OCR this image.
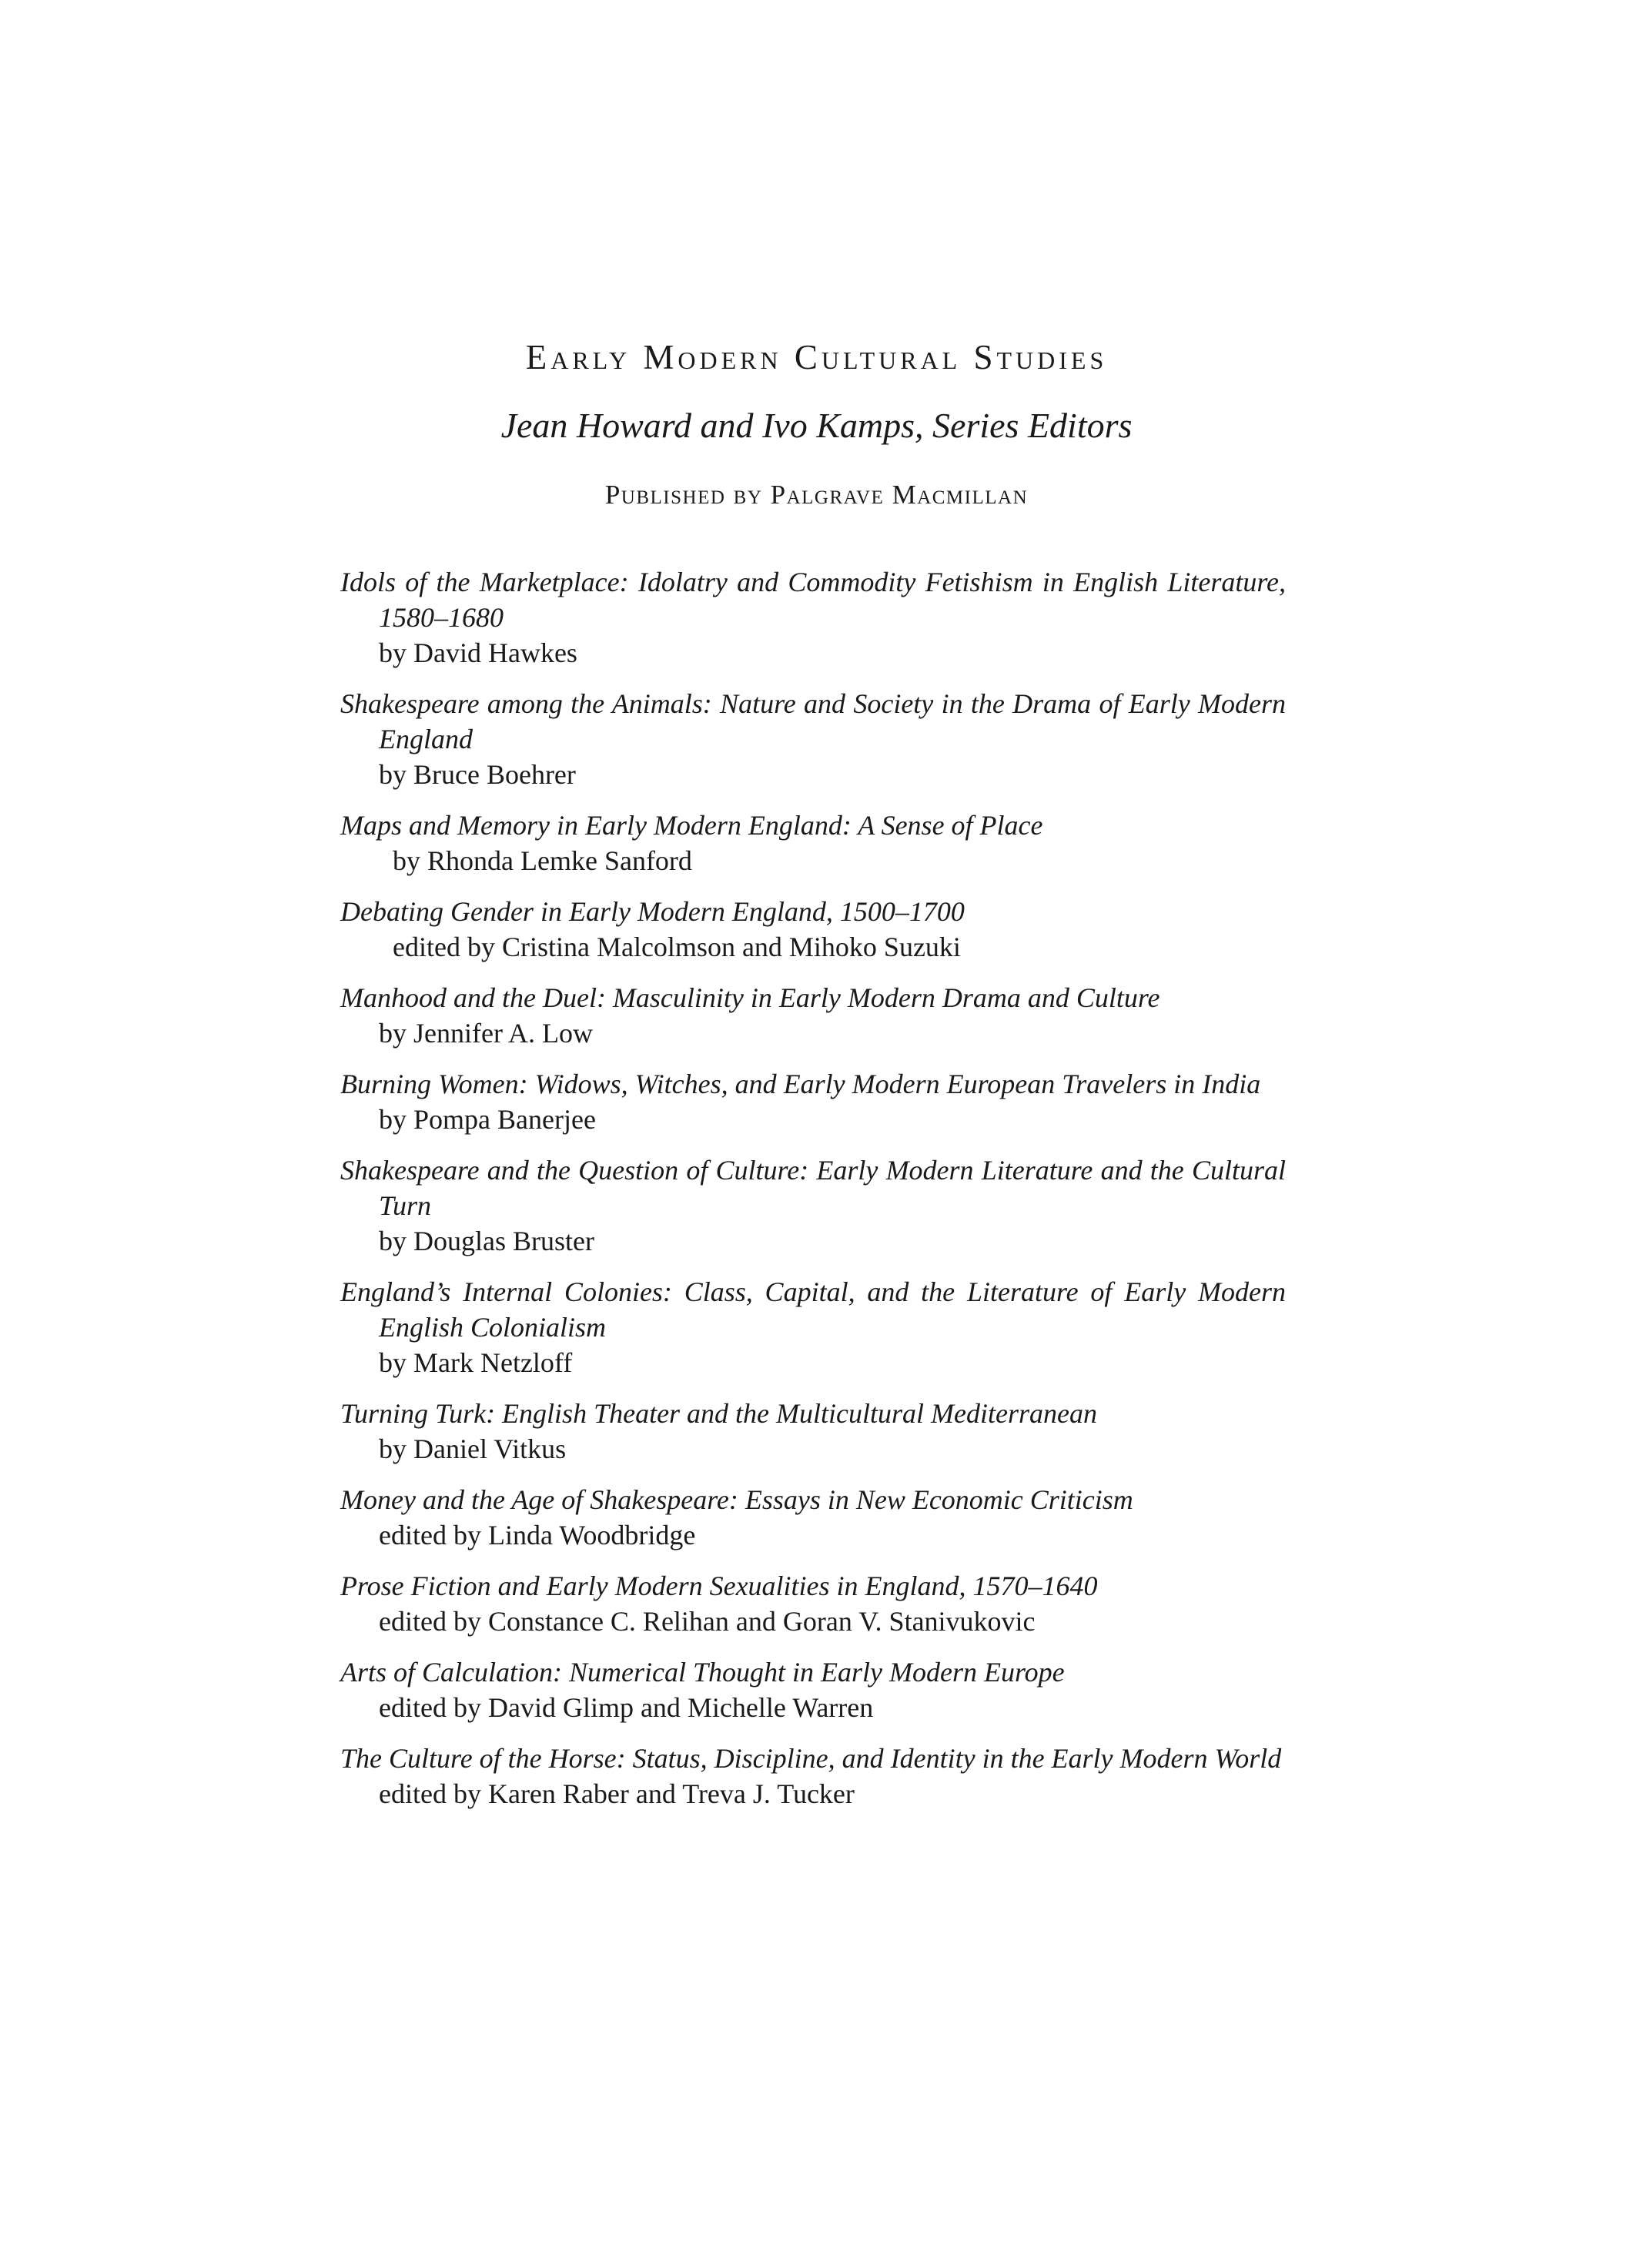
Early Modern Cultural Studies
Jean Howard and Ivo Kamps, Series Editors
Published by Palgrave Macmillan
Idols of the Marketplace: Idolatry and Commodity Fetishism in English Literature, 1580–1680
by David Hawkes
Shakespeare among the Animals: Nature and Society in the Drama of Early Modern England
by Bruce Boehrer
Maps and Memory in Early Modern England: A Sense of Place
by Rhonda Lemke Sanford
Debating Gender in Early Modern England, 1500–1700
edited by Cristina Malcolmson and Mihoko Suzuki
Manhood and the Duel: Masculinity in Early Modern Drama and Culture
by Jennifer A. Low
Burning Women: Widows, Witches, and Early Modern European Travelers in India
by Pompa Banerjee
Shakespeare and the Question of Culture: Early Modern Literature and the Cultural Turn
by Douglas Bruster
England’s Internal Colonies: Class, Capital, and the Literature of Early Modern English Colonialism
by Mark Netzloff
Turning Turk: English Theater and the Multicultural Mediterranean
by Daniel Vitkus
Money and the Age of Shakespeare: Essays in New Economic Criticism
edited by Linda Woodbridge
Prose Fiction and Early Modern Sexualities in England, 1570–1640
edited by Constance C. Relihan and Goran V. Stanivukovic
Arts of Calculation: Numerical Thought in Early Modern Europe
edited by David Glimp and Michelle Warren
The Culture of the Horse: Status, Discipline, and Identity in the Early Modern World
edited by Karen Raber and Treva J. Tucker
